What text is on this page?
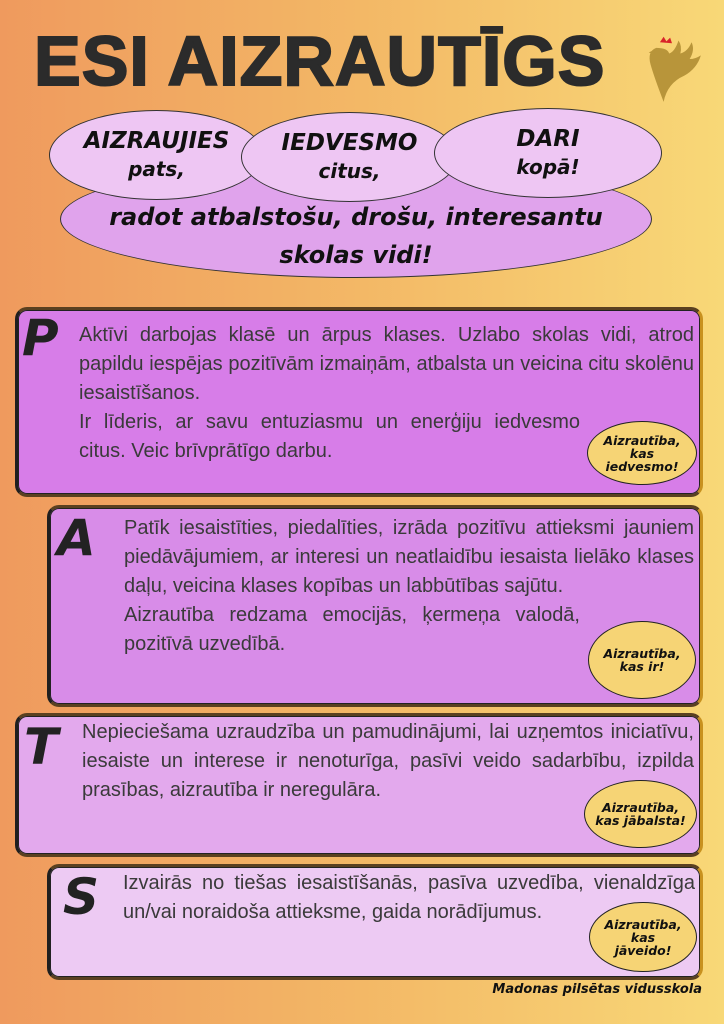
ESI AIZRAUTĪGS
AIZRAUJIES
pats,
IEDVESMO
citus,
DARI
kopā!
radot atbalstošu, drošu, interesantu
skolas vidi!
P Aktīvi darbojas klasē un ārpus klases. Uzlabo skolas vidi, atrod papildu iespējas pozitīvām izmaiņām, atbalsta un veicina citu skolēnu iesaistīšanos.

Ir līderis, ar savu entuziasmu un enerģiju iedvesmo citus. Veic brīvprātīgo darbu.	Aizrautība, kas iedvesmo!
A Patīk iesaistīties, piedalīties, izrāda pozitīvu attieksmi jauniem piedāvājumiem, ar interesi un neatlaidību iesaista lielāko klases daļu, veicina klases kopības un labbūtības sajūtu.

Aizrautība redzama emocijās, ķermeņa valodā, pozitīvā uzvedībā.	Aizrautība, kas ir!
T Nepieciešama uzraudzība un pamudinājumi, lai uzņemtos iniciatīvu, iesaiste un interese ir nenoturīga, pasīvi veido sadarbību, izpilda prasības, aizrautība ir neregulāra.

Aizrautība, kas jābalsta!
S Izvairās no tiešas iesaistīšanās, pasīva uzvedība, vienaldzīga un/vai noraidoša attieksme, gaida norādījumus.

Aizrautība, kas jāveido!
Madonas pilsētas vidusskola
